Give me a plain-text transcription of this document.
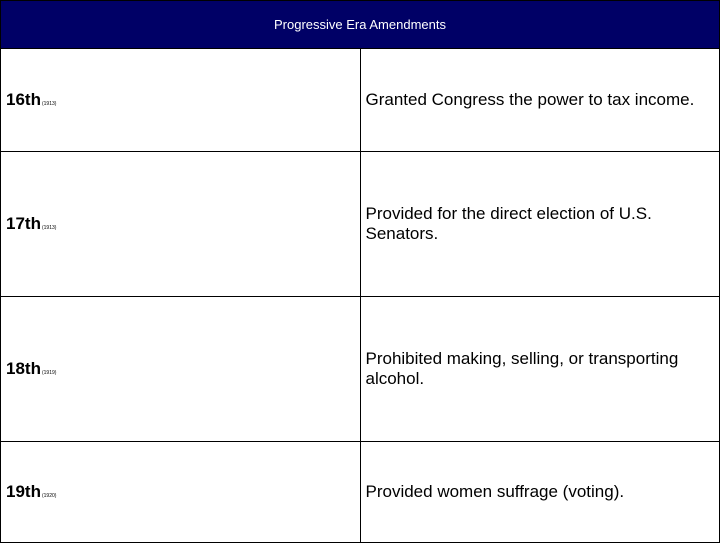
Progressive Era Amendments	
16th(1913)	Granted Congress the power to tax income.
17th(1913)	Provided for the direct election of U.S. Senators.
18th(1919)	Prohibited making, selling, or transporting alcohol.
19th(1920)	Provided women suffrage (voting).
